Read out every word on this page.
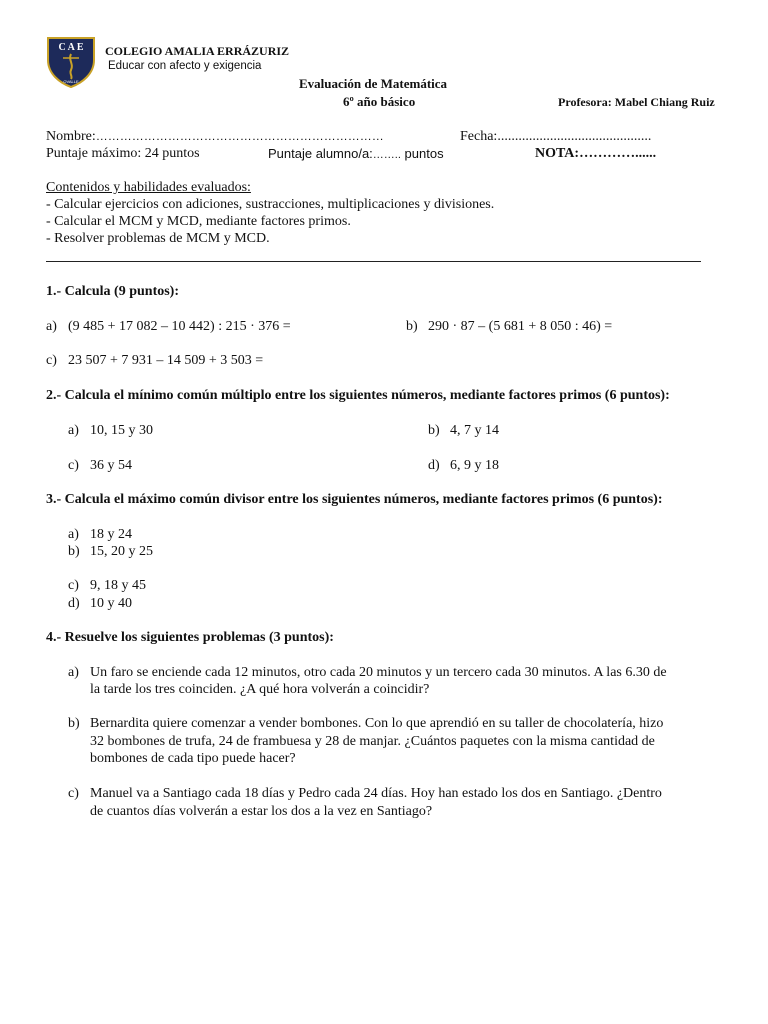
C A E
OVALLE
COLEGIO AMALIA ERRÁZURIZ
Educar con afecto y exigencia
Evaluación de Matemática
6º año básico	Profesora: Mabel Chiang Ruiz
Nombre:………………………………………………………………	Fecha:............................................
Puntaje máximo: 24 puntos	Puntaje alumno/a:…….. puntos	NOTA:…………......
Contenidos y habilidades evaluados:
- Calcular ejercicios con adiciones, sustracciones, multiplicaciones y divisiones.
- Calcular el MCM y MCD, mediante factores primos.
- Resolver problemas de MCM y MCD.
1.- Calcula (9 puntos):
a) (9 485 + 17 082 – 10 442) : 215 · 376 =	b) 290 · 87 – (5 681 + 8 050 : 46) =
c) 23 507 + 7 931 – 14 509 + 3 503 =
2.- Calcula el mínimo común múltiplo entre los siguientes números, mediante factores primos (6 puntos):
a) 10, 15 y 30	b) 4, 7 y 14
c) 36 y 54	d) 6, 9 y 18
3.- Calcula el máximo común divisor entre los siguientes números, mediante factores primos (6 puntos):
a) 18 y 24
b) 15, 20 y 25
c) 9, 18 y 45
d) 10 y 40
4.- Resuelve los siguientes problemas (3 puntos):
a) Un faro se enciende cada 12 minutos, otro cada 20 minutos y un tercero cada 30 minutos. A las 6.30 de
la tarde los tres coinciden. ¿A qué hora volverán a coincidir?
b) Bernardita quiere comenzar a vender bombones. Con lo que aprendió en su taller de chocolatería, hizo
32 bombones de trufa, 24 de frambuesa y 28 de manjar. ¿Cuántos paquetes con la misma cantidad de
bombones de cada tipo puede hacer?
c) Manuel va a Santiago cada 18 días y Pedro cada 24 días. Hoy han estado los dos en Santiago. ¿Dentro
de cuantos días volverán a estar los dos a la vez en Santiago?
